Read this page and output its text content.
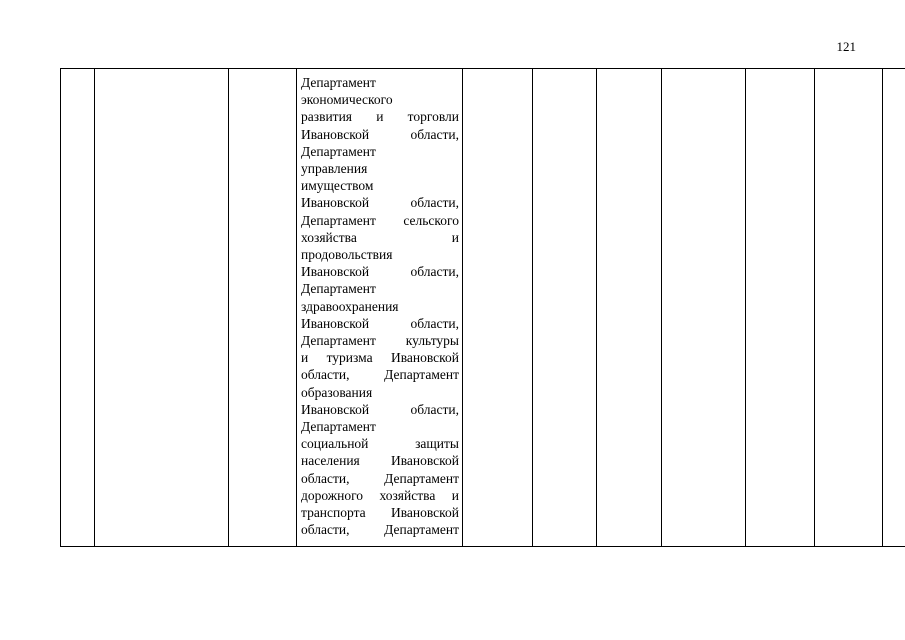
121

Департамент
экономического
развития и торговли
Ивановской области,
Департамент
управления
имуществом
Ивановской области,
Департамент сельского
хозяйства и
продовольствия
Ивановской области,
Департамент
здравоохранения
Ивановской области,
Департамент культуры
и туризма Ивановской
области, Департамент
образования
Ивановской области,
Департамент
социальной защиты
населения Ивановской
области, Департамент
дорожного хозяйства и
транспорта Ивановской
области, Департамент
